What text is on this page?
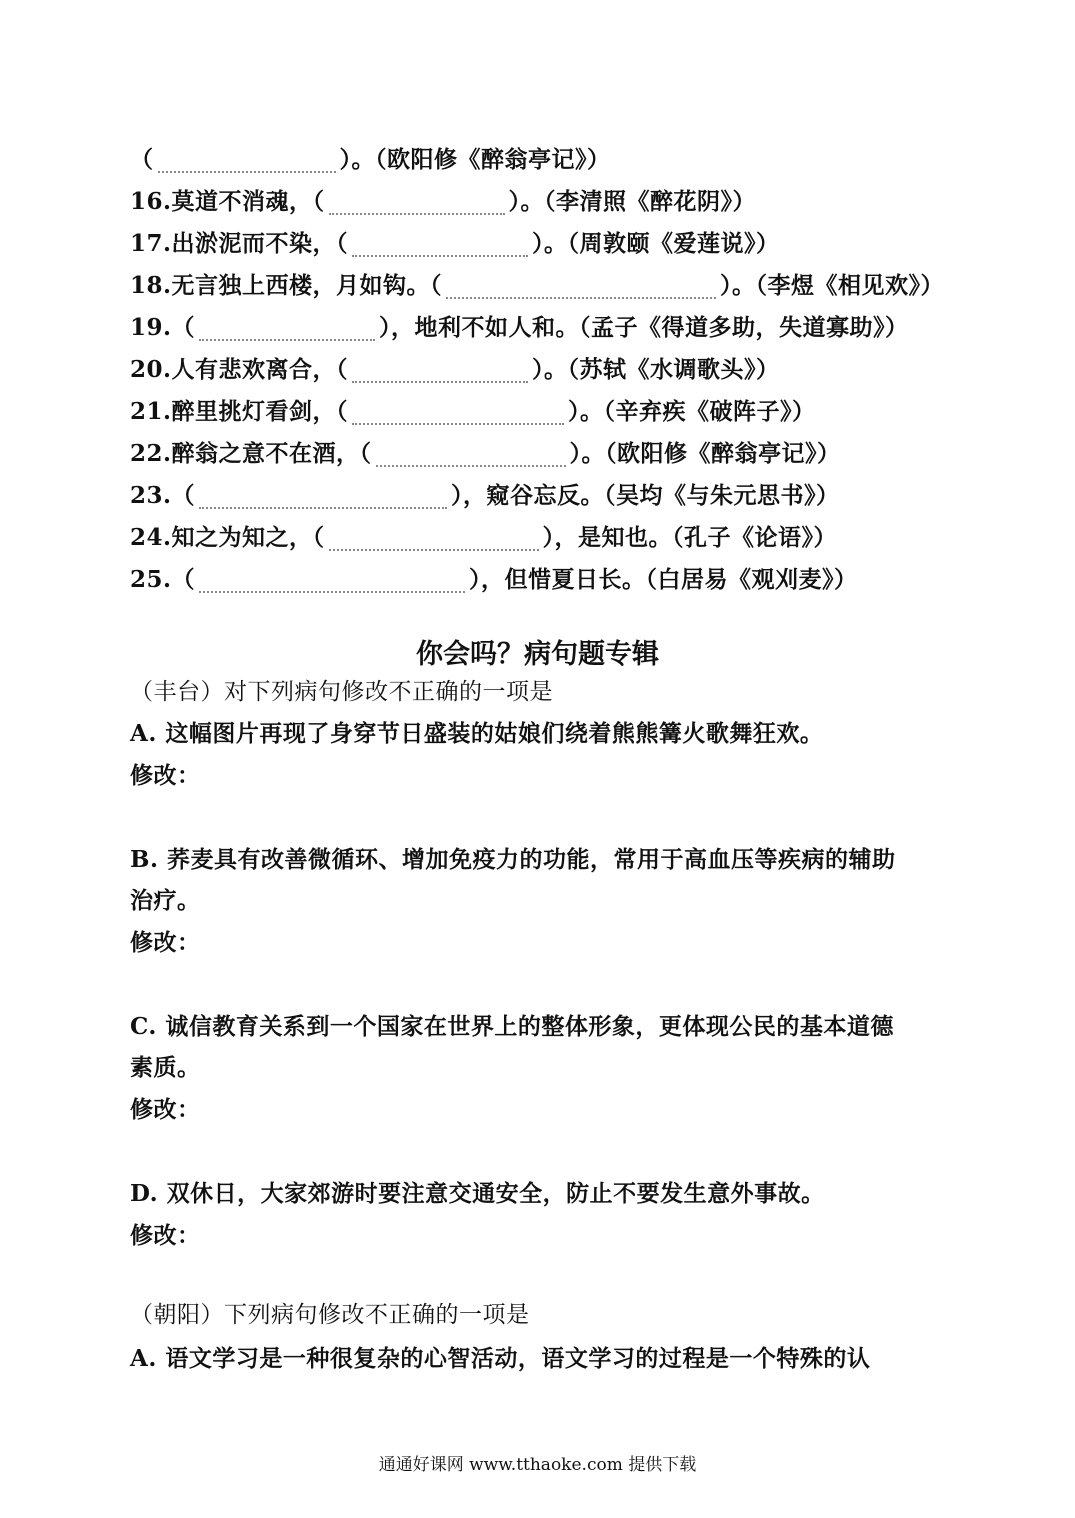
（	）。（欧阳修《醉翁亭记》）
16.莫道不消魂，（	）。（李清照《醉花阴》）
17.出淤泥而不染，（	）。（周敦颐《爱莲说》）
18.无言独上西楼，月如钩。（	）。（李煜《相见欢》）
19.（	），地利不如人和。（孟子《得道多助，失道寡助》）
20.人有悲欢离合，（	）。（苏轼《水调歌头》）
21.醉里挑灯看剑，（	）。（辛弃疾《破阵子》）
22.醉翁之意不在酒，（	）。（欧阳修《醉翁亭记》）
23.（	），窥谷忘反。（吴均《与朱元思书》）
24.知之为知之，（	），是知也。（孔子《论语》）
25.（	），但惜夏日长。（白居易《观刈麦》）
你会吗？病句题专辑
（丰台）对下列病句修改不正确的一项是
A. 这幅图片再现了身穿节日盛装的姑娘们绕着熊熊篝火歌舞狂欢。
修改：
B. 荞麦具有改善微循环、增加免疫力的功能，常用于高血压等疾病的辅助
治疗。
修改：
C. 诚信教育关系到一个国家在世界上的整体形象，更体现公民的基本道德
素质。
修改：
D. 双休日，大家郊游时要注意交通安全，防止不要发生意外事故。
修改：
（朝阳）下列病句修改不正确的一项是
A. 语文学习是一种很复杂的心智活动，语文学习的过程是一个特殊的认
通通好课网 www.tthaoke.com 提供下载
